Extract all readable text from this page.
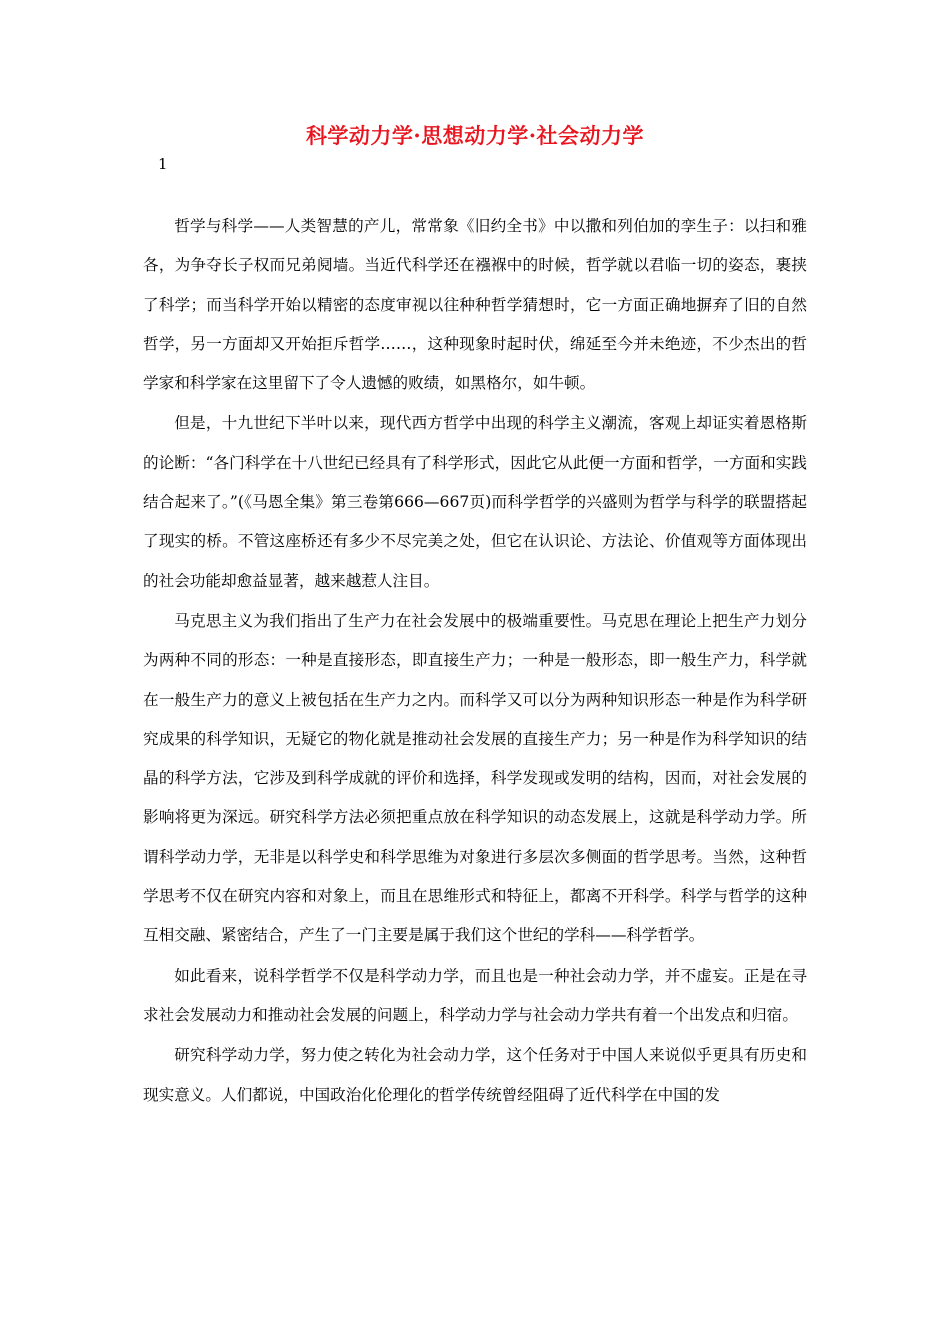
科学动力学·思想动力学·社会动力学
1

哲学与科学——人类智慧的产儿，常常象《旧约全书》中以撒和列伯加的孪生子：以扫和雅各，为争夺长子权而兄弟阋墙。当近代科学还在襁褓中的时候，哲学就以君临一切的姿态，裹挟了科学；而当科学开始以精密的态度审视以往种种哲学猜想时，它一方面正确地摒弃了旧的自然哲学，另一方面却又开始拒斥哲学……，这种现象时起时伏，绵延至今并未绝迹，不少杰出的哲学家和科学家在这里留下了令人遗憾的败绩，如黑格尔，如牛顿。

但是，十九世纪下半叶以来，现代西方哲学中出现的科学主义潮流，客观上却证实着恩格斯的论断：“各门科学在十八世纪已经具有了科学形式，因此它从此便一方面和哲学，一方面和实践结合起来了。”(《马恩全集》第三卷第666—667页)而科学哲学的兴盛则为哲学与科学的联盟搭起了现实的桥。不管这座桥还有多少不尽完美之处，但它在认识论、方法论、价值观等方面体现出的社会功能却愈益显著，越来越惹人注目。

马克思主义为我们指出了生产力在社会发展中的极端重要性。马克思在理论上把生产力划分为两种不同的形态：一种是直接形态，即直接生产力；一种是一般形态，即一般生产力，科学就在一般生产力的意义上被包括在生产力之内。而科学又可以分为两种知识形态一种是作为科学研究成果的科学知识，无疑它的物化就是推动社会发展的直接生产力；另一种是作为科学知识的结晶的科学方法，它涉及到科学成就的评价和选择，科学发现或发明的结构，因而，对社会发展的影响将更为深远。研究科学方法必须把重点放在科学知识的动态发展上，这就是科学动力学。所谓科学动力学，无非是以科学史和科学思维为对象进行多层次多侧面的哲学思考。当然，这种哲学思考不仅在研究内容和对象上，而且在思维形式和特征上，都离不开科学。科学与哲学的这种互相交融、紧密结合，产生了一门主要是属于我们这个世纪的学科——科学哲学。

如此看来，说科学哲学不仅是科学动力学，而且也是一种社会动力学，并不虚妄。正是在寻求社会发展动力和推动社会发展的问题上，科学动力学与社会动力学共有着一个出发点和归宿。

研究科学动力学，努力使之转化为社会动力学，这个任务对于中国人来说似乎更具有历史和现实意义。人们都说，中国政治化伦理化的哲学传统曾经阻碍了近代科学在中国的发
